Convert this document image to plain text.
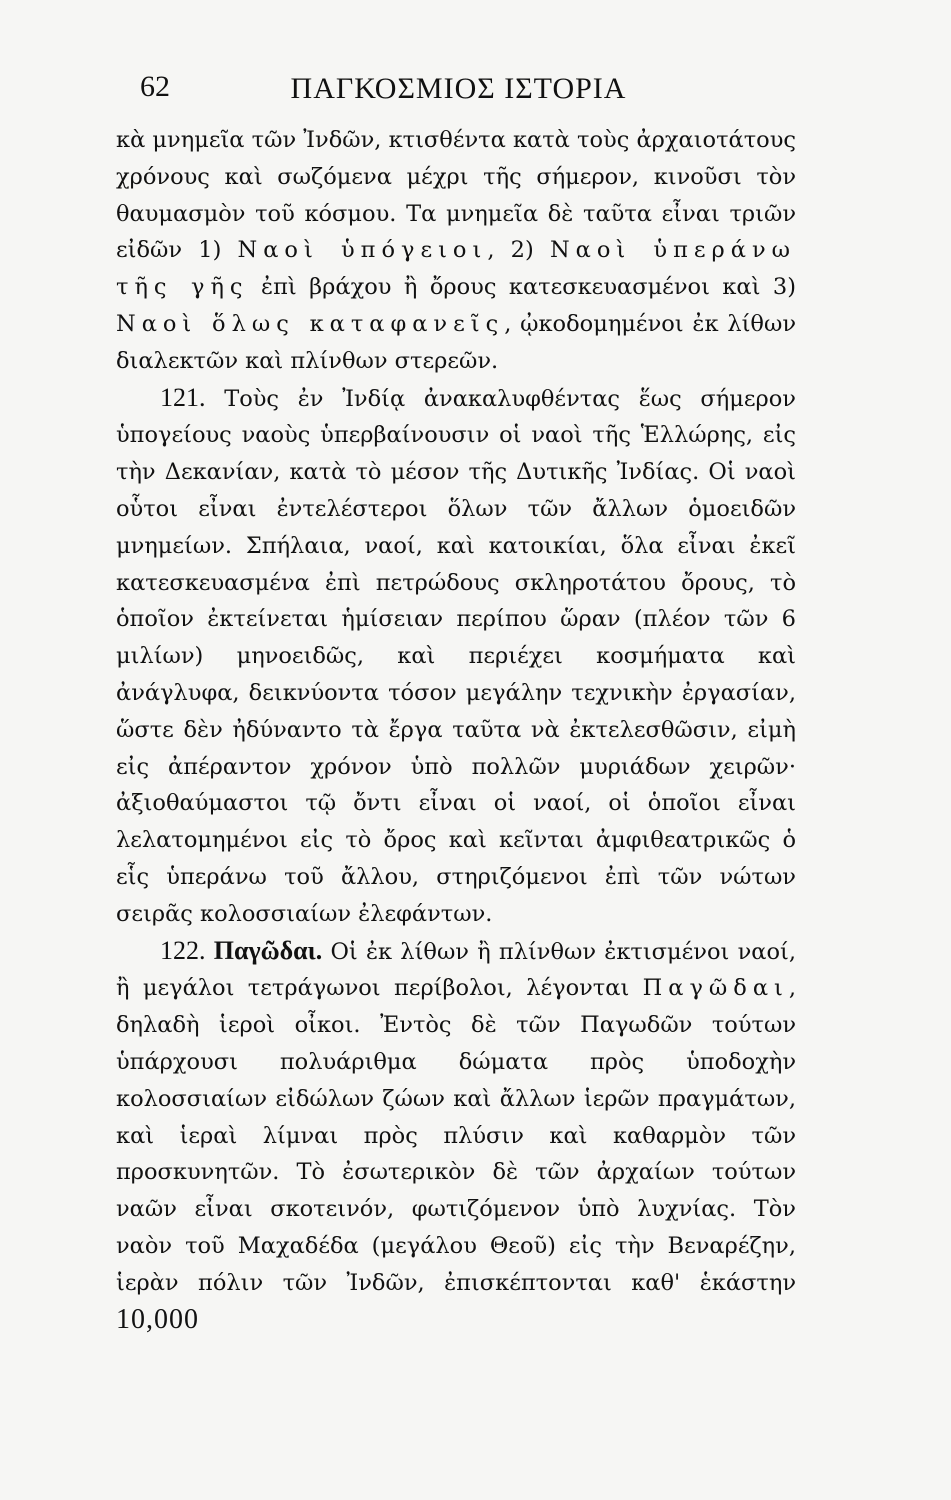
62	ΠΑΓΚΟΣΜΙΟΣ ΙΣΤΟΡΙΑ

κὰ μνημεῖα τῶν Ἰνδῶν, κτισθέντα κατὰ τοὺς ἀρχαιοτάτους χρόνους καὶ σωζόμενα μέχρι τῆς σήμερον, κινοῦσι τὸν θαυμασμὸν τοῦ κόσμου. Τα μνημεῖα δὲ ταῦτα εἶναι τριῶν εἰδῶν 1) Ναοὶ ὑπόγειοι, 2) Ναοὶ ὑπεράνω τῆς γῆς ἐπὶ βράχου ἢ ὄρους κατεσκευασμένοι καὶ 3) Ναοὶ ὅλως καταφανεῖς, ᾠκοδομημένοι ἐκ λίθων διαλεκτῶν καὶ πλίνθων στερεῶν.

121. Τοὺς ἐν Ἰνδίᾳ ἀνακαλυφθέντας ἕως σήμερον ὑπογείους ναοὺς ὑπερβαίνουσιν οἱ ναοὶ τῆς Ἑλλώρης, εἰς τὴν Δεκανίαν, κατὰ τὸ μέσον τῆς Δυτικῆς Ἰνδίας. Οἱ ναοὶ οὗτοι εἶναι ἐντελέστεροι ὅλων τῶν ἄλλων ὁμοειδῶν μνημείων. Σπήλαια, ναοί, καὶ κατοικίαι, ὅλα εἶναι ἐκεῖ κατεσκευασμένα ἐπὶ πετρώδους σκληροτάτου ὄρους, τὸ ὁποῖον ἐκτείνεται ἡμίσειαν περίπου ὥραν (πλέον τῶν 6 μιλίων) μηνοειδῶς, καὶ περιέχει κοσμήματα καὶ ἀνάγλυφα, δεικνύοντα τόσον μεγάλην τεχνικὴν ἐργασίαν, ὥστε δὲν ἠδύναντο τὰ ἔργα ταῦτα νὰ ἐκτελεσθῶσιν, εἰμὴ εἰς ἀπέραντον χρόνον ὑπὸ πολλῶν μυριάδων χειρῶν· ἀξιοθαύμαστοι τῷ ὄντι εἶναι οἱ ναοί, οἱ ὁποῖοι εἶναι λελατομημένοι εἰς τὸ ὄρος καὶ κεῖνται ἀμφιθεατρικῶς ὁ εἷς ὑπεράνω τοῦ ἄλλου, στηριζόμενοι ἐπὶ τῶν νώτων σειρᾶς κολοσσιαίων ἐλεφάντων.

122. Παγῶδαι. Οἱ ἐκ λίθων ἢ πλίνθων ἐκτισμένοι ναοί, ἢ μεγάλοι τετράγωνοι περίβολοι, λέγονται Παγῶδαι, δηλαδὴ ἱεροὶ οἶκοι. Ἐντὸς δὲ τῶν Παγωδῶν τούτων ὑπάρχουσι πολυάριθμα δώματα πρὸς ὑποδοχὴν κολοσσιαίων εἰδώλων ζώων καὶ ἄλλων ἱερῶν πραγμάτων, καὶ ἱεραὶ λίμναι πρὸς πλύσιν καὶ καθαρμὸν τῶν προσκυνητῶν. Τὸ ἐσωτερικὸν δὲ τῶν ἀρχαίων τούτων ναῶν εἶναι σκοτεινόν, φωτιζόμενον ὑπὸ λυχνίας. Τὸν ναὸν τοῦ Μαχαδέδα (μεγάλου Θεοῦ) εἰς τὴν Βεναρέζην, ἱερὰν πόλιν τῶν Ἰνδῶν, ἐπισκέπτονται καθ' ἑκάστην 10,000
